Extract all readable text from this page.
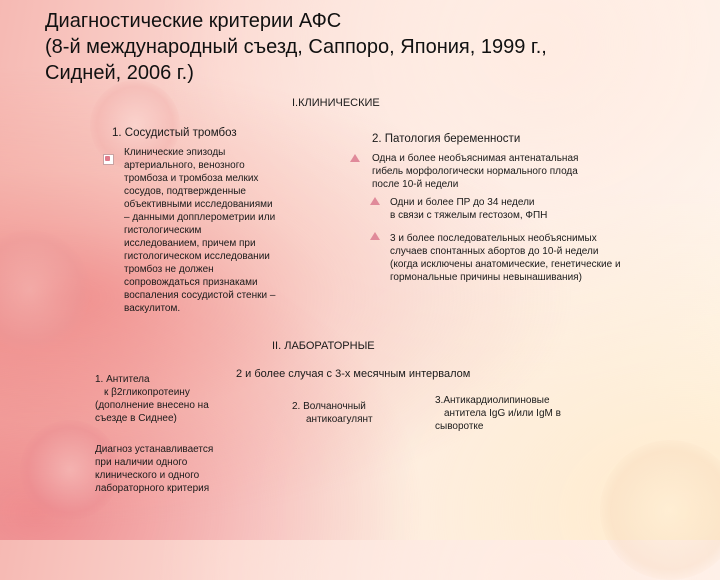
Диагностические критерии АФС
(8-й международный съезд, Саппоро, Япония, 1999 г.,
Сидней, 2006 г.)
I.КЛИНИЧЕСКИЕ
1. Сосудистый тромбоз
Клинические эпизоды
артериального, венозного
тромбоза и тромбоза мелких
сосудов, подтвержденные
объективными исследованиями
– данными допплерометрии или
гистологическим
исследованием, причем при
гистологическом исследовании
тромбоз не должен
сопровождаться признаками
воспаления сосудистой стенки –
васкулитом.
2. Патология беременности
Одна и более необъяснимая антенатальная
гибель морфологически нормального плода
после 10-й недели
Одни и более ПР до 34 недели
в связи с тяжелым гестозом, ФПН
3 и более последовательных необъяснимых
случаев спонтанных абортов до 10-й недели
(когда исключены анатомические, генетические и
гормональные причины невынашивания)
II. ЛАБОРАТОРНЫЕ
2 и более случая с 3-х месячным интервалом
1. Антитела
к β2гликопротеину
(дополнение внесено на
съезде в Сиднее)
2. Волчаночный
антикоагулянт
3.Антикардиолипиновые
антитела IgG и/или IgM в
сыворотке
Диагноз устанавливается
при наличии одного
клинического и одного
лабораторного критерия
